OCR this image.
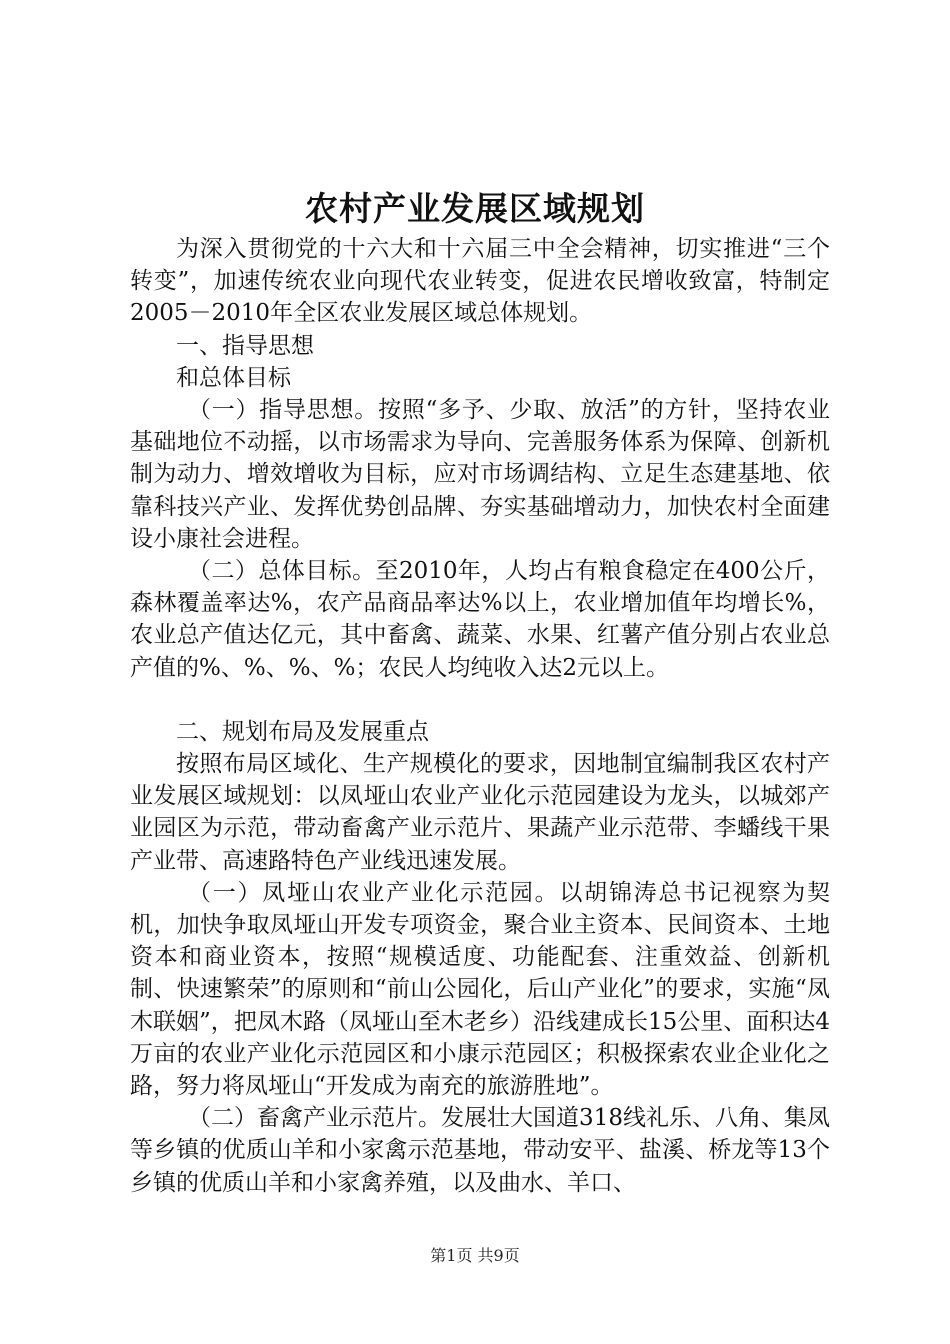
农村产业发展区域规划

为深入贯彻党的十六大和十六届三中全会精神，切实推进“三个转变”，加速传统农业向现代农业转变，促进农民增收致富，特制定2005－2010年全区农业发展区域总体规划。

一、指导思想

和总体目标

（一）指导思想。按照“多予、少取、放活”的方针，坚持农业基础地位不动摇，以市场需求为导向、完善服务体系为保障、创新机制为动力、增效增收为目标，应对市场调结构、立足生态建基地、依靠科技兴产业、发挥优势创品牌、夯实基础增动力，加快农村全面建设小康社会进程。

（二）总体目标。至2010年，人均占有粮食稳定在400公斤，森林覆盖率达%，农产品商品率达%以上，农业增加值年均增长%，农业总产值达亿元，其中畜禽、蔬菜、水果、红薯产值分别占农业总产值的%、%、%、%；农民人均纯收入达2元以上。

二、规划布局及发展重点

按照布局区域化、生产规模化的要求，因地制宜编制我区农村产业发展区域规划：以凤垭山农业产业化示范园建设为龙头，以城郊产业园区为示范，带动畜禽产业示范片、果蔬产业示范带、李蟠线干果产业带、高速路特色产业线迅速发展。

（一）凤垭山农业产业化示范园。以胡锦涛总书记视察为契机，加快争取凤垭山开发专项资金，聚合业主资本、民间资本、土地资本和商业资本，按照“规模适度、功能配套、注重效益、创新机制、快速繁荣”的原则和“前山公园化，后山产业化”的要求，实施“凤木联姻”，把凤木路（凤垭山至木老乡）沿线建成长15公里、面积达4万亩的农业产业化示范园区和小康示范园区；积极探索农业企业化之路，努力将凤垭山“开发成为南充的旅游胜地”。

（二）畜禽产业示范片。发展壮大国道318线礼乐、八角、集凤等乡镇的优质山羊和小家禽示范基地，带动安平、盐溪、桥龙等13个乡镇的优质山羊和小家禽养殖，以及曲水、羊口、

第1页 共9页
